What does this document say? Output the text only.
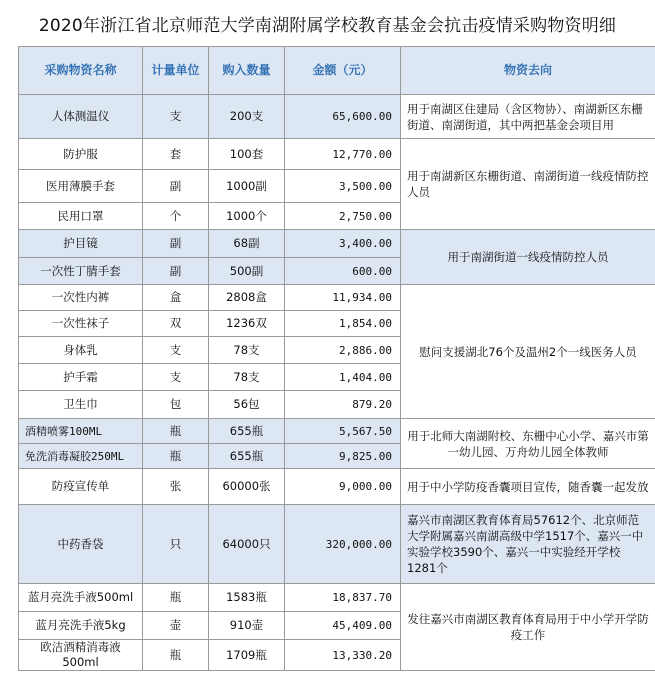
2020年浙江省北京师范大学南湖附属学校教育基金会抗击疫情采购物资明细
采购物资名称	计量单位	购入数量	金额（元）	物资去向
人体测温仪	支	200支	65,600.00	用于南湖区住建局（含区物协）、南湖新区东栅街道、南湖街道，其中两把基金会项目用
防护服	套	100套	12,770.00	用于南湖新区东栅街道、南湖街道一线疫情防控人员
医用薄膜手套	副	1000副	3,500.00	
民用口罩	个	1000个	2,750.00	
护目镜	副	68副	3,400.00	用于南湖街道一线疫情防控人员
一次性丁腈手套	副	500副	600.00	
一次性内裤	盒	2808盒	11,934.00	慰问支援湖北76个及温州2个一线医务人员
一次性袜子	双	1236双	1,854.00	
身体乳	支	78支	2,886.00	
护手霜	支	78支	1,404.00	
卫生巾	包	56包	879.20	
酒精喷雾100ML	瓶	655瓶	5,567.50	用于北师大南湖附校、东栅中心小学、嘉兴市第一幼儿园、万舟幼儿园全体教师
免洗消毒凝胶250ML	瓶	655瓶	9,825.00	
防疫宣传单	张	60000张	9,000.00	用于中小学防疫香囊项目宣传，随香囊一起发放
中药香袋	只	64000只	320,000.00	嘉兴市南湖区教育体育局57612个、北京师范大学附属嘉兴南湖高级中学1517个、嘉兴一中实验学校3590个、嘉兴一中实验经开学校1281个
蓝月亮洗手液500ml	瓶	1583瓶	18,837.70	发往嘉兴市南湖区教育体育局用于中小学开学防疫工作
蓝月亮洗手液5kg	壶	910壶	45,409.00	
欧洁酒精消毒液500ml	瓶	1709瓶	13,330.20	
